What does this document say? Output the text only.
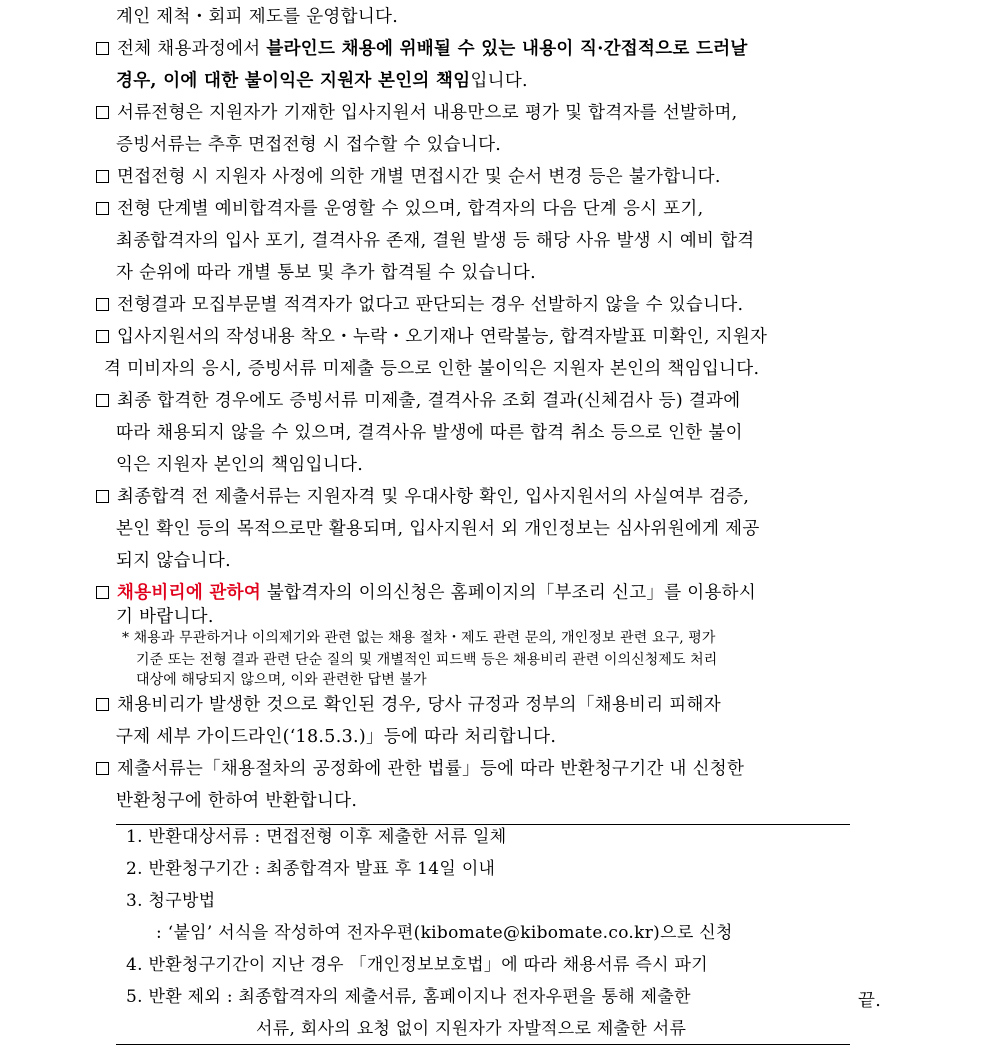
계인 제척・회피 제도를 운영합니다.
전체 채용과정에서 블라인드 채용에 위배될 수 있는 내용이 직·간접적으로 드러날
경우, 이에 대한 불이익은 지원자 본인의 책임입니다.
서류전형은 지원자가 기재한 입사지원서 내용만으로 평가 및 합격자를 선발하며,
증빙서류는 추후 면접전형 시 접수할 수 있습니다.
면접전형 시 지원자 사정에 의한 개별 면접시간 및 순서 변경 등은 불가합니다.
전형 단계별 예비합격자를 운영할 수 있으며, 합격자의 다음 단계 응시 포기,
최종합격자의 입사 포기, 결격사유 존재, 결원 발생 등 해당 사유 발생 시 예비 합격
자 순위에 따라 개별 통보 및 추가 합격될 수 있습니다.
전형결과 모집부문별 적격자가 없다고 판단되는 경우 선발하지 않을 수 있습니다.
입사지원서의 작성내용 착오・누락・오기재나 연락불능, 합격자발표 미확인, 지원자
격 미비자의 응시, 증빙서류 미제출 등으로 인한 불이익은 지원자 본인의 책임입니다.
최종 합격한 경우에도 증빙서류 미제출, 결격사유 조회 결과(신체검사 등) 결과에
따라 채용되지 않을 수 있으며, 결격사유 발생에 따른 합격 취소 등으로 인한 불이
익은 지원자 본인의 책임입니다.
최종합격 전 제출서류는 지원자격 및 우대사항 확인, 입사지원서의 사실여부 검증,
본인 확인 등의 목적으로만 활용되며, 입사지원서 외 개인정보는 심사위원에게 제공
되지 않습니다.
채용비리에 관하여 불합격자의 이의신청은 홈페이지의「부조리 신고」를 이용하시
기 바랍니다.
* 채용과 무관하거나 이의제기와 관련 없는 채용 절차・제도 관련 문의, 개인정보 관련 요구, 평가
기준 또는 전형 결과 관련 단순 질의 및 개별적인 피드백 등은 채용비리 관련 이의신청제도 처리
대상에 해당되지 않으며, 이와 관련한 답변 불가
채용비리가 발생한 것으로 확인된 경우, 당사 규정과 정부의「채용비리 피해자
구제 세부 가이드라인(‘18.5.3.)」등에 따라 처리합니다.
제출서류는「채용절차의 공정화에 관한 법률」등에 따라 반환청구기간 내 신청한
반환청구에 한하여 반환합니다.
1. 반환대상서류 : 면접전형 이후 제출한 서류 일체
2. 반환청구기간 : 최종합격자 발표 후 14일 이내
3. 청구방법
: ‘붙임’ 서식을 작성하여 전자우편(kibomate@kibomate.co.kr)으로 신청
4. 반환청구기간이 지난 경우 「개인정보보호법」에 따라 채용서류 즉시 파기
5. 반환 제외 : 최종합격자의 제출서류, 홈페이지나 전자우편을 통해 제출한
서류, 회사의 요청 없이 지원자가 자발적으로 제출한 서류
끝.
